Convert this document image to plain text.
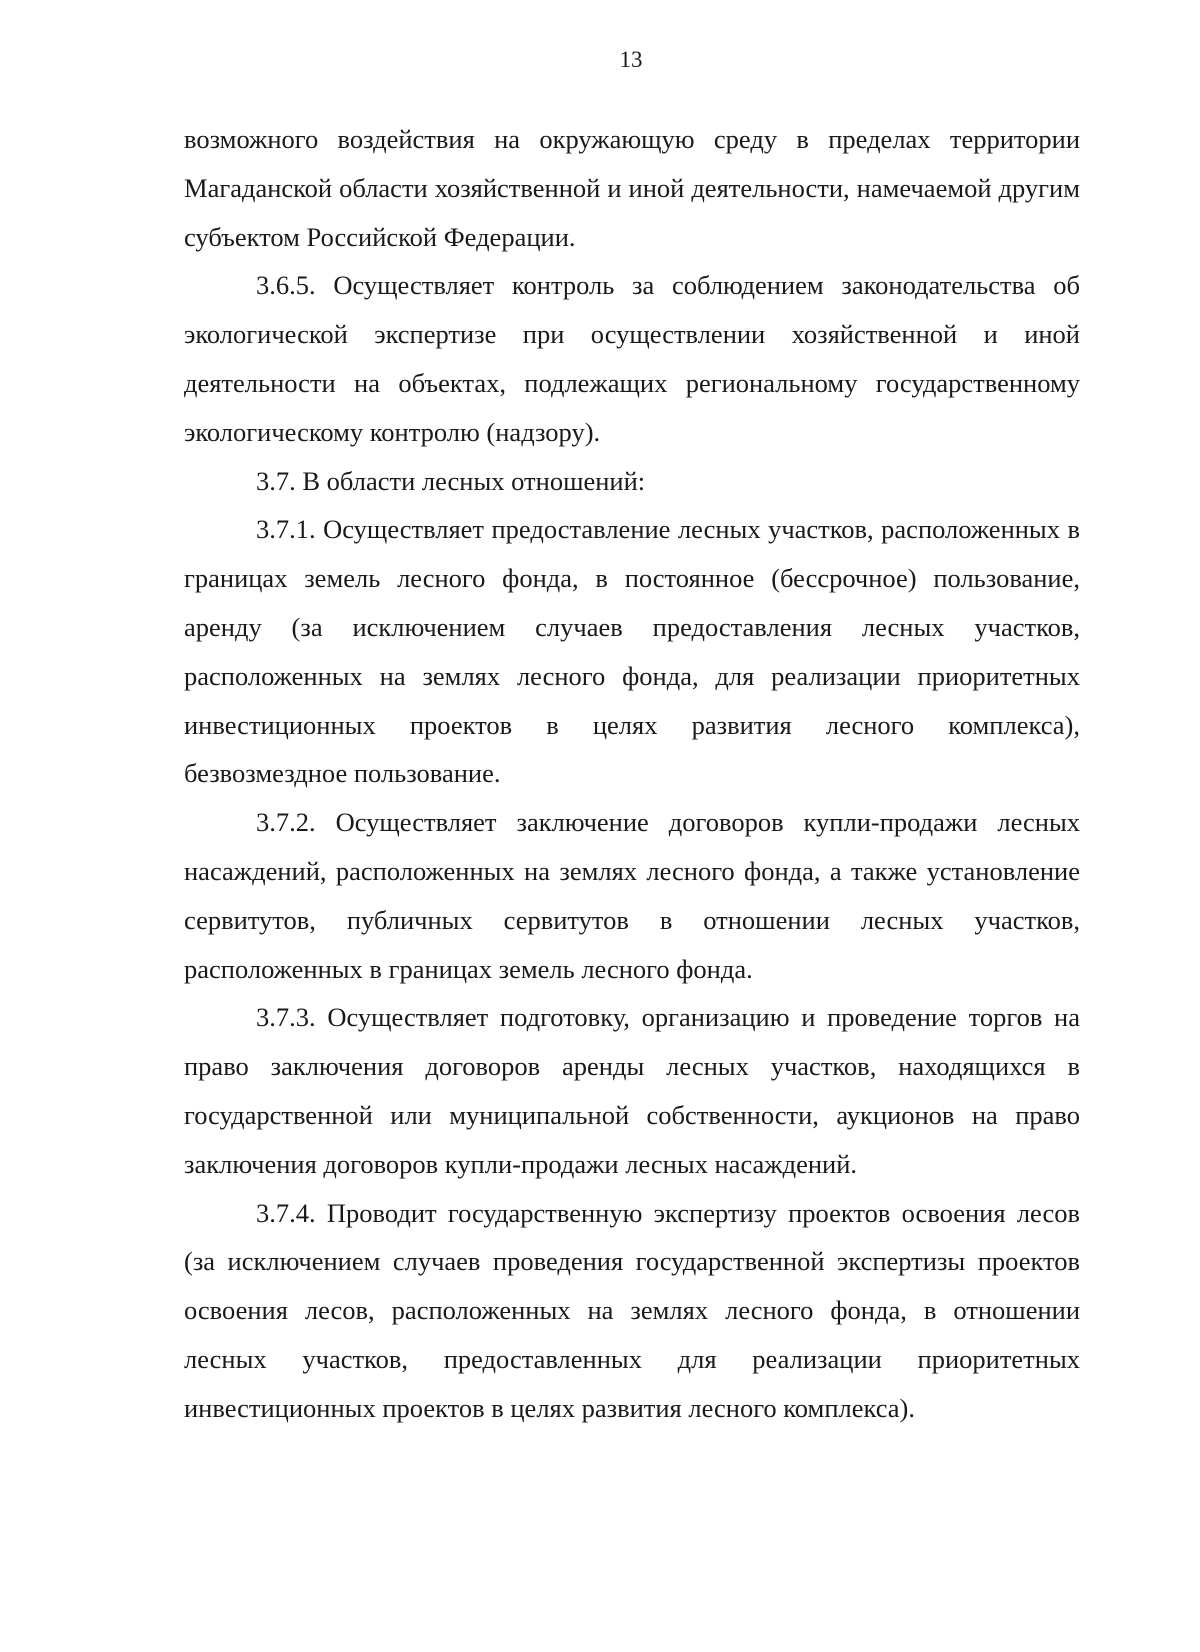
13

возможного воздействия на окружающую среду в пределах территории Магаданской области хозяйственной и иной деятельности, намечаемой другим субъектом Российской Федерации.

3.6.5. Осуществляет контроль за соблюдением законодательства об экологической экспертизе при осуществлении хозяйственной и иной деятельности на объектах, подлежащих региональному государственному экологическому контролю (надзору).

3.7. В области лесных отношений:

3.7.1. Осуществляет предоставление лесных участков, расположенных в границах земель лесного фонда, в постоянное (бессрочное) пользование, аренду (за исключением случаев предоставления лесных участков, расположенных на землях лесного фонда, для реализации приоритетных инвестиционных проектов в целях развития лесного комплекса), безвозмездное пользование.

3.7.2. Осуществляет заключение договоров купли-продажи лесных насаждений, расположенных на землях лесного фонда, а также установление сервитутов, публичных сервитутов в отношении лесных участков, расположенных в границах земель лесного фонда.

3.7.3. Осуществляет подготовку, организацию и проведение торгов на право заключения договоров аренды лесных участков, находящихся в государственной или муниципальной собственности, аукционов на право заключения договоров купли-продажи лесных насаждений.

3.7.4. Проводит государственную экспертизу проектов освоения лесов (за исключением случаев проведения государственной экспертизы проектов освоения лесов, расположенных на землях лесного фонда, в отношении лесных участков, предоставленных для реализации приоритетных инвестиционных проектов в целях развития лесного комплекса).
